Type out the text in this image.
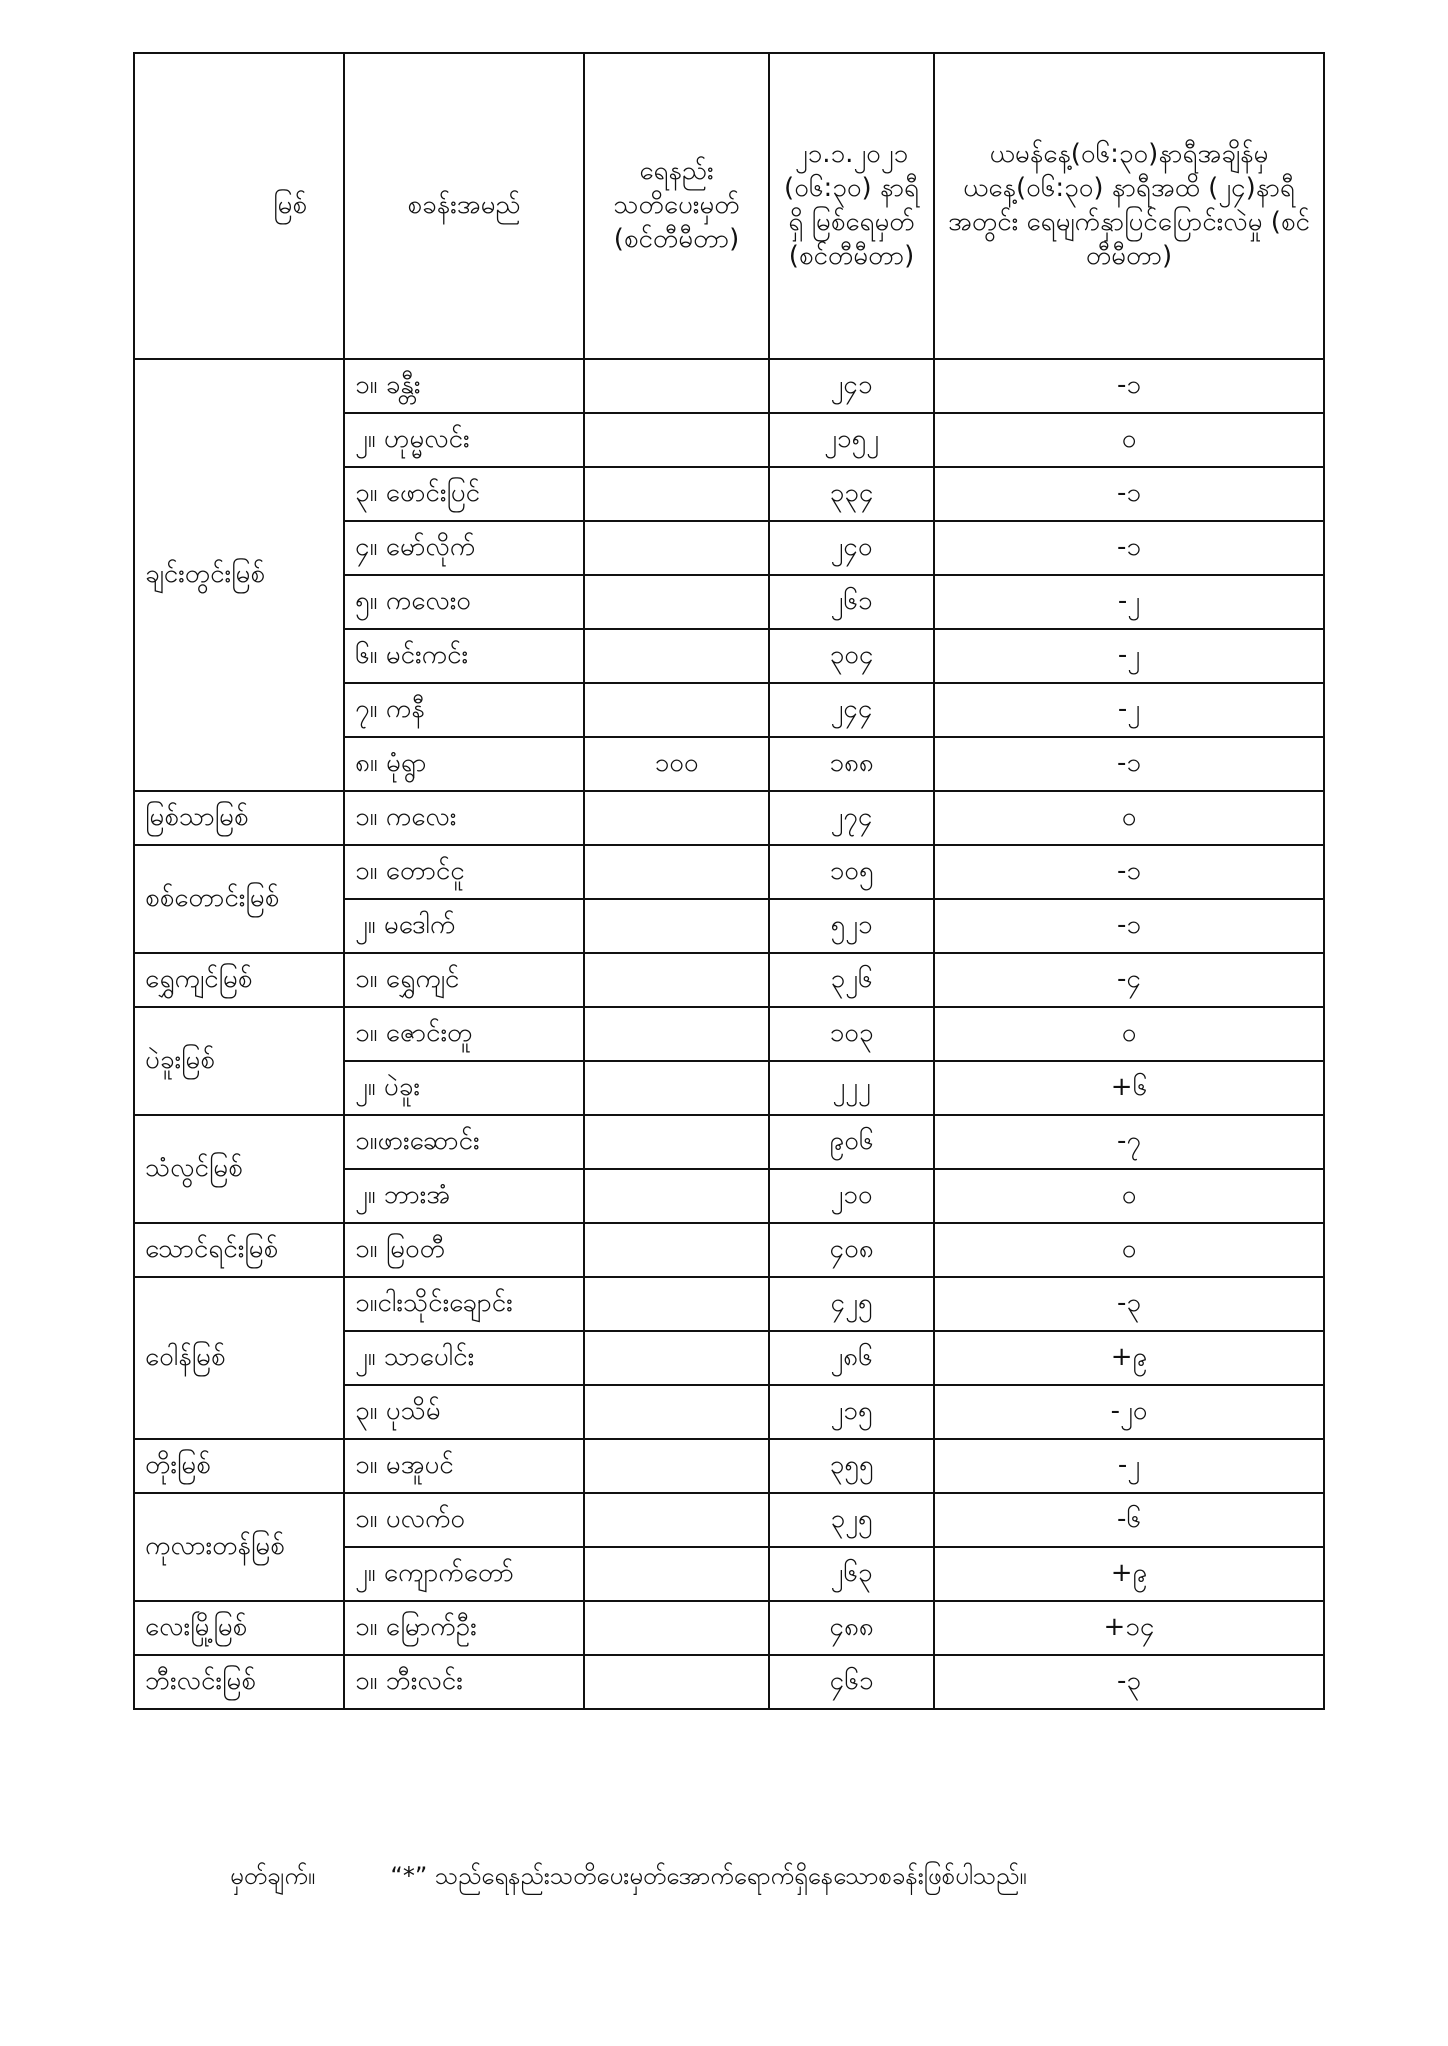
မြစ်	စခန်းအမည်	ရေနည်း သတိပေးမှတ် (စင်တီမီတာ)	၂၁.၁.၂၀၂၁ (၀၆:၃၀) နာရီရှိ မြစ်ရေမှတ် (စင်တီမီတာ)	ယမန်နေ့(၀၆:၃၀)နာရီအချိန်မှ ယနေ့(၀၆:၃၀) နာရီအထိ (၂၄)နာရီအတွင်း ရေမျက်နှာပြင်ပြောင်းလဲမှု (စင်တီမီတာ)
ချင်းတွင်းမြစ်	၁။ ခန္တီး		၂၄၁	-၁
	၂။ ဟုမ္မလင်း		၂၁၅၂	၀
	၃။ ဖောင်းပြင်		၃၃၄	-၁
	၄။ မော်လိုက်		၂၄၀	-၁
	၅။ ကလေးဝ		၂၆၁	-၂
	၆။ မင်းကင်း		၃၀၄	-၂
	၇။ ကနီ		၂၄၄	-၂
	၈။ မုံရွာ	၁၀၀	၁၈၈	-၁
မြစ်သာမြစ်	၁။ ကလေး		၂၇၄	၀
စစ်တောင်းမြစ်	၁။ တောင်ငူ		၁၀၅	-၁
	၂။ မဒေါက်		၅၂၁	-၁
ရွှေကျင်မြစ်	၁။ ရွှေကျင်		၃၂၆	-၄
ပဲခူးမြစ်	၁။ ဇောင်းတူ		၁၀၃	၀
	၂။ ပဲခူး		၂၂၂	+၆
သံလွင်မြစ်	၁။ဖားဆောင်း		၉၀၆	-၇
	၂။ ဘားအံ		၂၁၀	၀
သောင်ရင်းမြစ်	၁။ မြဝတီ		၄၀၈	၀
ဝေါန်မြစ်	၁။ငါးသိုင်းချောင်း		၄၂၅	-၃
	၂။ သာပေါင်း		၂၈၆	+၉
	၃။ ပုသိမ်		၂၁၅	-၂၀
တိုးမြစ်	၁။ မအူပင်		၃၅၅	-၂
ကုလားတန်မြစ်	၁။ ပလက်ဝ		၃၂၅	-၆
	၂။ ကျောက်တော်		၂၆၃	+၉
လေးမြို့မြစ်	၁။ မြောက်ဦး		၄၈၈	+၁၄
ဘီးလင်းမြစ်	၁။ ဘီးလင်း		၄၆၁	-၃
မှတ်ချက်။	“*” သည်ရေနည်းသတိပေးမှတ်အောက်ရောက်ရှိနေသောစခန်းဖြစ်ပါသည်။
